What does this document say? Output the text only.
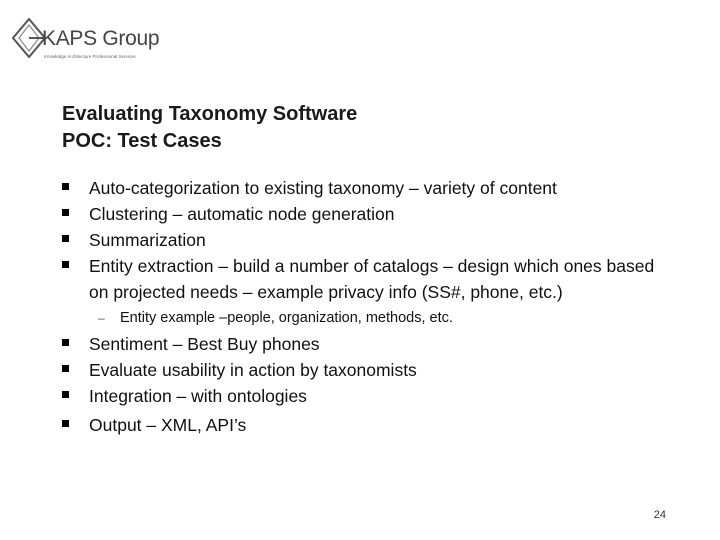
KAPS Group
Knowledge Architecture Professional Services
Evaluating Taxonomy Software
POC: Test Cases
Auto-categorization to existing taxonomy – variety of content
Clustering – automatic node generation
Summarization
Entity extraction – build a number of catalogs – design which ones based on projected needs – example privacy info (SS#, phone, etc.)
– Entity example –people, organization, methods, etc.
Sentiment – Best Buy phones
Evaluate usability in action by taxonomists
Integration – with ontologies
Output – XML, API’s
24
